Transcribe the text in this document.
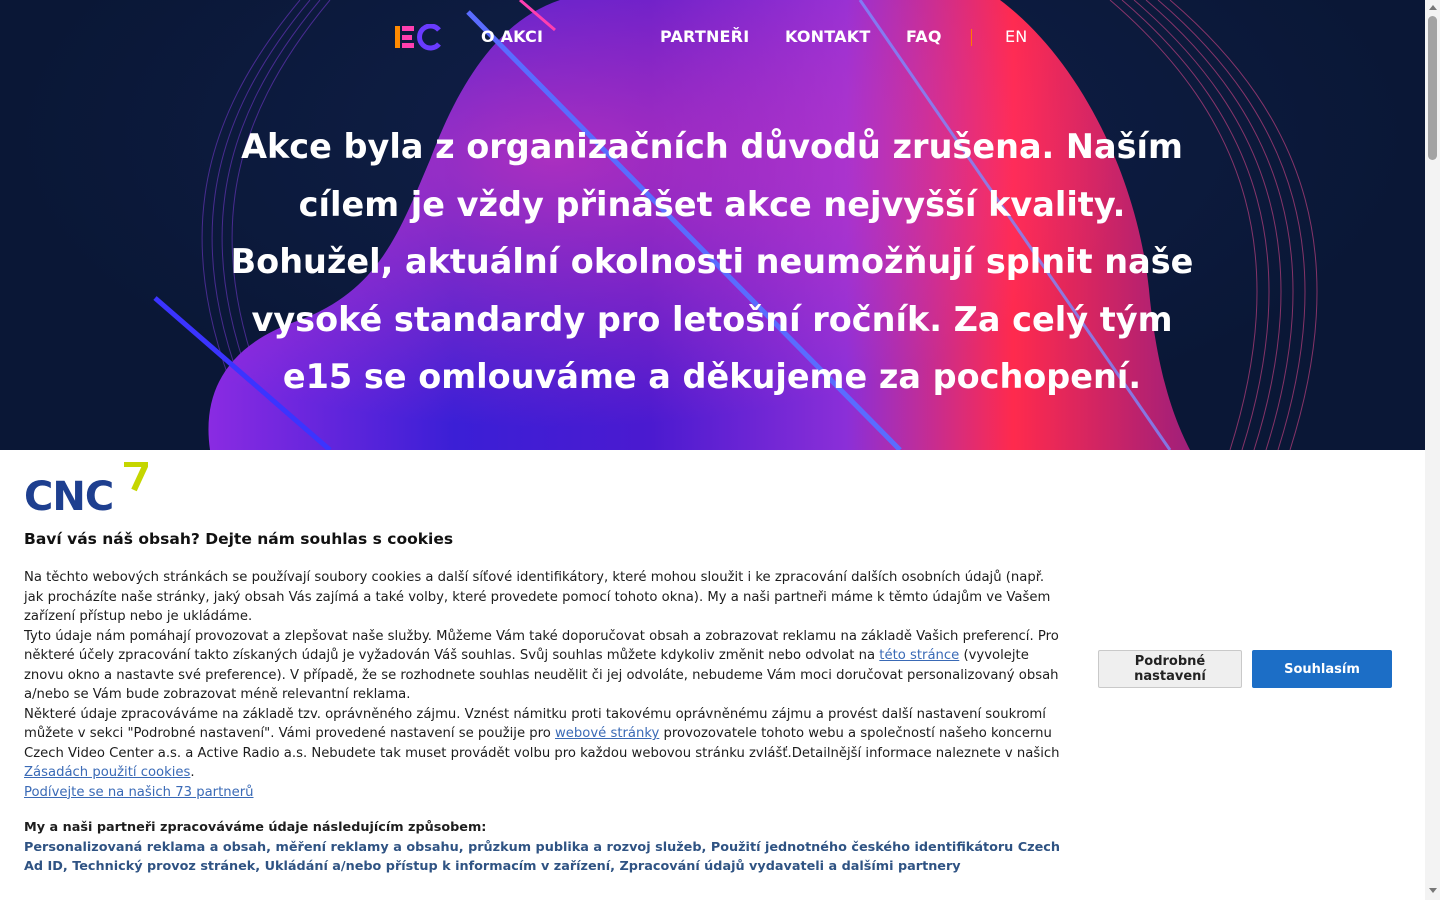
O AKCI	PARTNEŘI KONTAKT FAQ	EN
Akce byla z organizačních důvodů zrušena. Naším cílem je vždy přinášet akce nejvyšší kvality. Bohužel, aktuální okolnosti neumožňují splnit naše vysoké standardy pro letošní ročník. Za celý tým e15 se omlouváme a děkujeme za pochopení.
CNC
Baví vás náš obsah? Dejte nám souhlas s cookies

Na těchto webových stránkách se používají soubory cookies a další síťové identifikátory, které mohou sloužit i ke zpracování dalších osobních údajů (např. jak procházíte naše stránky, jaký obsah Vás zajímá a také volby, které provedete pomocí tohoto okna). My a naši partneři máme k těmto údajům ve Vašem zařízení přístup nebo je ukládáme.

Tyto údaje nám pomáhají provozovat a zlepšovat naše služby. Můžeme Vám také doporučovat obsah a zobrazovat reklamu na základě Vašich preferencí. Pro některé účely zpracování takto získaných údajů je vyžadován Váš souhlas. Svůj souhlas můžete kdykoliv změnit nebo odvolat na této stránce (vyvolejte znovu okno a nastavte své preference). V případě, že se rozhodnete souhlas neudělit či jej odvoláte, nebudeme Vám moci doručovat personalizovaný obsah a/nebo se Vám bude zobrazovat méně relevantní reklama.

Některé údaje zpracováváme na základě tzv. oprávněného zájmu. Vznést námitku proti takovému oprávněnému zájmu a provést další nastavení soukromí můžete v sekci "Podrobné nastavení". Vámi provedené nastavení se použije pro webové stránky provozovatele tohoto webu a společností našeho koncernu Czech Video Center a.s. a Active Radio a.s. Nebudete tak muset provádět volbu pro každou webovou stránku zvlášť.Detailnější informace naleznete v našich Zásadách použití cookies.

Podívejte se na našich 73 partnerů

My a naši partneři zpracováváme údaje následujícím způsobem:

Personalizovaná reklama a obsah, měření reklamy a obsahu, průzkum publika a rozvoj služeb, Použití jednotného českého identifikátoru Czech Ad ID, Technický provoz stránek, Ukládání a/nebo přístup k informacím v zařízení, Zpracování údajů vydavateli a dalšími partnery

Podrobné nastavení	Souhlasím
